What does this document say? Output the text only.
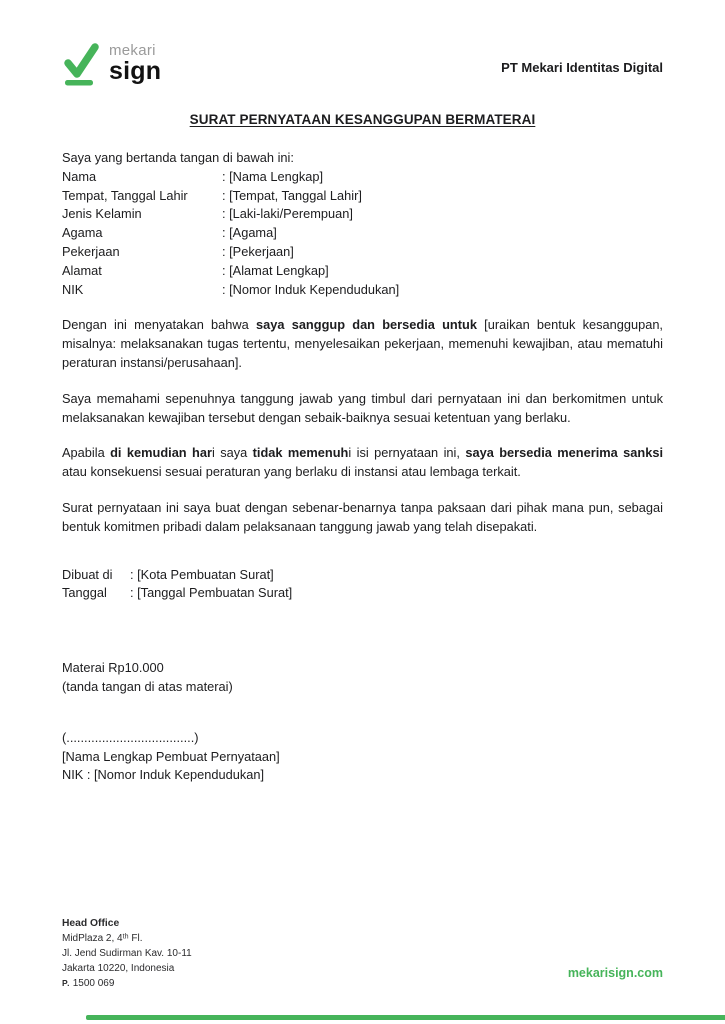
mekari
sign	PT Mekari Identitas Digital
SURAT PERNYATAAN KESANGGUPAN BERMATERAI
Saya yang bertanda tangan di bawah ini:
Nama	: [Nama Lengkap]
Tempat, Tanggal Lahir	: [Tempat, Tanggal Lahir]
Jenis Kelamin	: [Laki-laki/Perempuan]
Agama	: [Agama]
Pekerjaan	: [Pekerjaan]
Alamat	: [Alamat Lengkap]
NIK	: [Nomor Induk Kependudukan]

Dengan ini menyatakan bahwa saya sanggup dan bersedia untuk [uraikan bentuk kesanggupan, misalnya: melaksanakan tugas tertentu, menyelesaikan pekerjaan, memenuhi kewajiban, atau mematuhi peraturan instansi/perusahaan].

Saya memahami sepenuhnya tanggung jawab yang timbul dari pernyataan ini dan berkomitmen untuk melaksanakan kewajiban tersebut dengan sebaik-baiknya sesuai ketentuan yang berlaku.

Apabila di kemudian hari saya tidak memenuhi isi pernyataan ini, saya bersedia menerima sanksi atau konsekuensi sesuai peraturan yang berlaku di instansi atau lembaga terkait.

Surat pernyataan ini saya buat dengan sebenar-benarnya tanpa paksaan dari pihak mana pun, sebagai bentuk komitmen pribadi dalam pelaksanaan tanggung jawab yang telah disepakati.

Dibuat di	: [Kota Pembuatan Surat]
Tanggal	: [Tanggal Pembuatan Surat]
Materai Rp10.000
(tanda tangan di atas materai)
(....................................)
[Nama Lengkap Pembuat Pernyataan]
NIK : [Nomor Induk Kependudukan]
Head Office
MidPlaza 2, 4ᵗʰ Fl.
Jl. Jend Sudirman Kav. 10-11
Jakarta 10220, Indonesia
P. 1500 069
mekarisign.com
